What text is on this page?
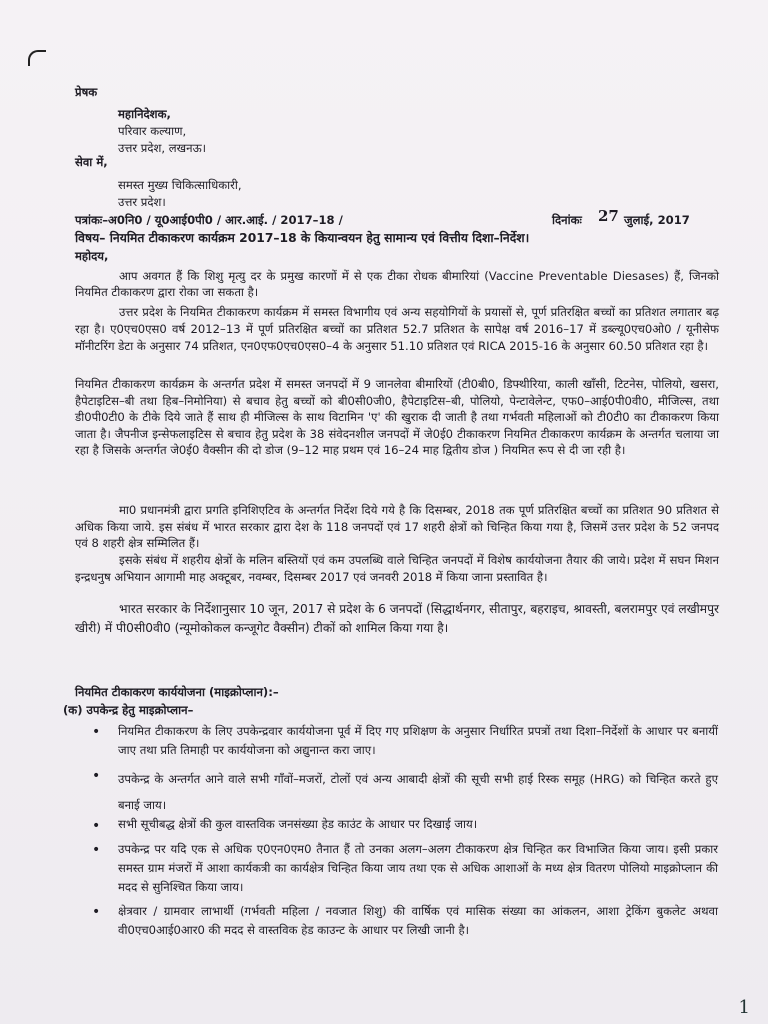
प्रेषक
महानिदेशक,
परिवार कल्याण,
उत्तर प्रदेश, लखनऊ।
सेवा में,
समस्त मुख्य चिकित्साधिकारी,
उत्तर प्रदेश।
पत्रांकः–अ0नि0 / यू0आई0पी0 / आर.आई. / 2017–18 /	दिनांकः 27 जुलाई, 2017
विषय– नियमित टीकाकरण कार्यक्रम 2017–18 के कियान्वयन हेतु सामान्य एवं वित्तीय दिशा–निर्देश।
महोदय,
आप अवगत हैं कि शिशु मृत्यु दर के प्रमुख कारणों में से एक टीका रोधक बीमारियां (Vaccine Preventable Diesases) हैं, जिनको नियमित टीकाकरण द्वारा रोका जा सकता है।
उत्तर प्रदेश के नियमित टीकाकरण कार्यक्रम में समस्त विभागीय एवं अन्य सहयोगियों के प्रयासों से, पूर्ण प्रतिरक्षित बच्चों का प्रतिशत लगातार बढ़ रहा है। ए0एच0एस0 वर्ष 2012–13 में पूर्ण प्रतिरक्षित बच्चों का प्रतिशत 52.7 प्रतिशत के सापेक्ष वर्ष 2016–17 में डब्ल्यू0एच0ओ0 / यूनीसेफ मॉनीटरिंग डेटा के अनुसार 74 प्रतिशत, एन0एफ0एच0एस0–4 के अनुसार 51.10 प्रतिशत एवं RICA 2015-16 के अनुसार 60.50 प्रतिशत रहा है।
नियमित टीकाकरण कार्यक्रम के अन्तर्गत प्रदेश में समस्त जनपदों में 9 जानलेवा बीमारियों (टी0बी0, डिफ्थीरिया, काली खाँसी, टिटनेस, पोलियो, खसरा, हैपेटाइटिस–बी तथा हिब–निमोनिया) से बचाव हेतु बच्चों को बी0सी0जी0, हैपेटाइटिस–बी, पोलियो, पेन्टावेलेन्ट, एफ0–आई0पी0वी0, मीजिल्स, तथा डी0पी0टी0 के टीके दिये जाते हैं साथ ही मीजिल्स के साथ विटामिन 'ए' की खुराक दी जाती है तथा गर्भवती महिलाओं को टी0टी0 का टीकाकरण किया जाता है। जैपनीज इन्सेफलाइटिस से बचाव हेतु प्रदेश के 38 संवेदनशील जनपदों में जे0ई0 टीकाकरण नियमित टीकाकरण कार्यक्रम के अन्तर्गत चलाया जा रहा है जिसके अन्तर्गत जे0ई0 वैक्सीन की दो डोज (9–12 माह प्रथम एवं 16–24 माह द्वितीय डोज ) नियमित रूप से दी जा रही है।
मा0 प्रधानमंत्री द्वारा प्रगति इनिशिएटिव के अन्तर्गत निर्देश दिये गये है कि दिसम्बर, 2018 तक पूर्ण प्रतिरक्षित बच्चों का प्रतिशत 90 प्रतिशत से अधिक किया जाये. इस संबंध में भारत सरकार द्वारा देश के 118 जनपदों एवं 17 शहरी क्षेत्रों को चिन्हित किया गया है, जिसमें उत्तर प्रदेश के 52 जनपद एवं 8 शहरी क्षेत्र सम्मिलित हैं।
इसके संबंध में शहरीय क्षेत्रों के मलिन बस्तियों एवं कम उपलब्धि वाले चिन्हित जनपदों में विशेष कार्ययोजना तैयार की जाये। प्रदेश में सघन मिशन इन्द्रधनुष अभियान आगामी माह अक्टूबर, नवम्बर, दिसम्बर 2017 एवं जनवरी 2018 में किया जाना प्रस्तावित है।
भारत सरकार के निर्देशानुसार 10 जून, 2017 से प्रदेश के 6 जनपदों (सिद्धार्थनगर, सीतापुर, बहराइच, श्रावस्ती, बलरामपुर एवं लखीमपुर खीरी) में पी0सी0वी0 (न्यूमोकोकल कन्जूगेट वैक्सीन) टीकों को शामिल किया गया है।
नियमित टीकाकरण कार्ययोजना (माइक्रोप्लान):–
(क) उपकेन्द्र हेतु माइक्रोप्लान–
• नियमित टीकाकरण के लिए उपकेन्द्रवार कार्ययोजना पूर्व में दिए गए प्रशिक्षण के अनुसार निर्धारित प्रपत्रों तथा दिशा–निर्देशों के आधार पर बनायीं जाए तथा प्रति तिमाही पर कार्ययोजना को अद्युनान्त करा जाए।
• उपकेन्द्र के अन्तर्गत आने वाले सभी गाँवों–मजरों, टोलों एवं अन्य आबादी क्षेत्रों की सूची सभी हाई रिस्क समूह (HRG) को चिन्हित करते हुए बनाई जाय।
• सभी सूचीबद्ध क्षेत्रों की कुल वास्तविक जनसंख्या हेड काउंट के आधार पर दिखाई जाय।
• उपकेन्द्र पर यदि एक से अधिक ए0एन0एम0 तैनात हैं तो उनका अलग–अलग टीकाकरण क्षेत्र चिन्हित कर विभाजित किया जाय। इसी प्रकार समस्त ग्राम मंजरों में आशा कार्यकत्री का कार्यक्षेत्र चिन्हित किया जाय तथा एक से अधिक आशाओं के मध्य क्षेत्र वितरण पोलियो माइक्रोप्लान की मदद से सुनिश्चित किया जाय।
• क्षेत्रवार / ग्रामवार लाभार्थी (गर्भवती महिला / नवजात शिशु) की वार्षिक एवं मासिक संख्या का आंकलन, आशा ट्रेकिंग बुकलेट अथवा वी0एच0आई0आर0 की मदद से वास्तविक हेड काउन्ट के आधार पर लिखी जानी है।
1
